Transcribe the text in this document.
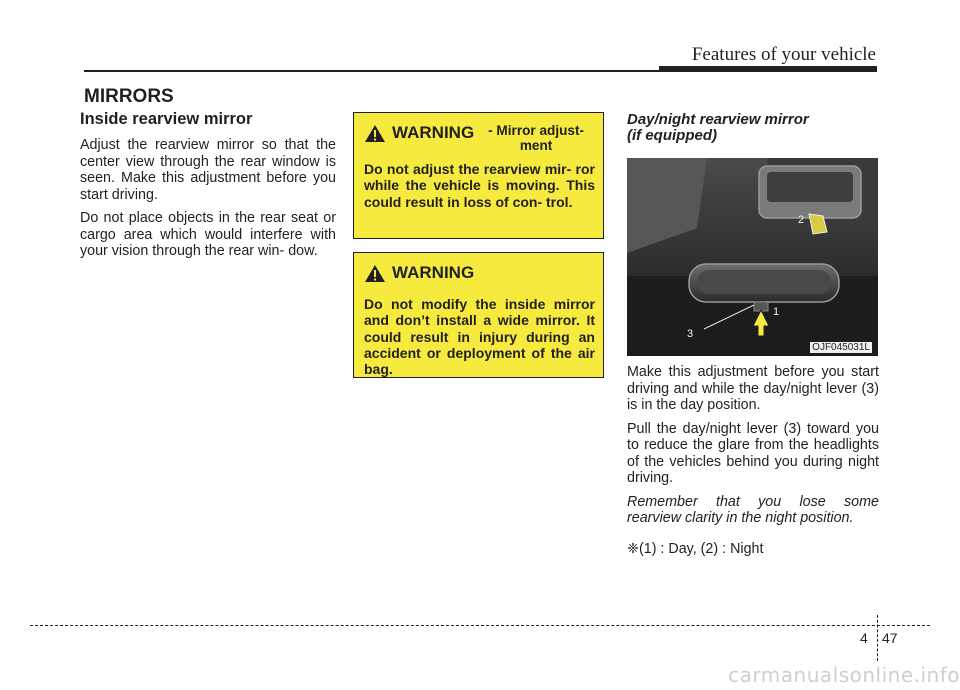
Features of your vehicle
MIRRORS
Inside rearview mirror

Adjust the rearview mirror so that the center view through the rear window is seen. Make this adjustment before you start driving.

Do not place objects in the rear seat or cargo area which would interfere with your vision through the rear win- dow.

WARNING	- Mirror adjust- ment
Do not adjust the rearview mir- ror while the vehicle is moving. This could result in loss of con- trol.
WARNING
Do not modify the inside mirror and don’t install a wide mirror. It could result in injury during an accident or deployment of the air bag.
Day/night rearview mirror
(if equipped)
2
1
3
OJF045031L

Make this adjustment before you start driving and while the day/night lever (3) is in the day position.

Pull the day/night lever (3) toward you to reduce the glare from the headlights of the vehicles behind you during night driving.

Remember that you lose some rearview clarity in the night position.

❈(1) : Day, (2) : Night

4 47
carmanualsonline.info
